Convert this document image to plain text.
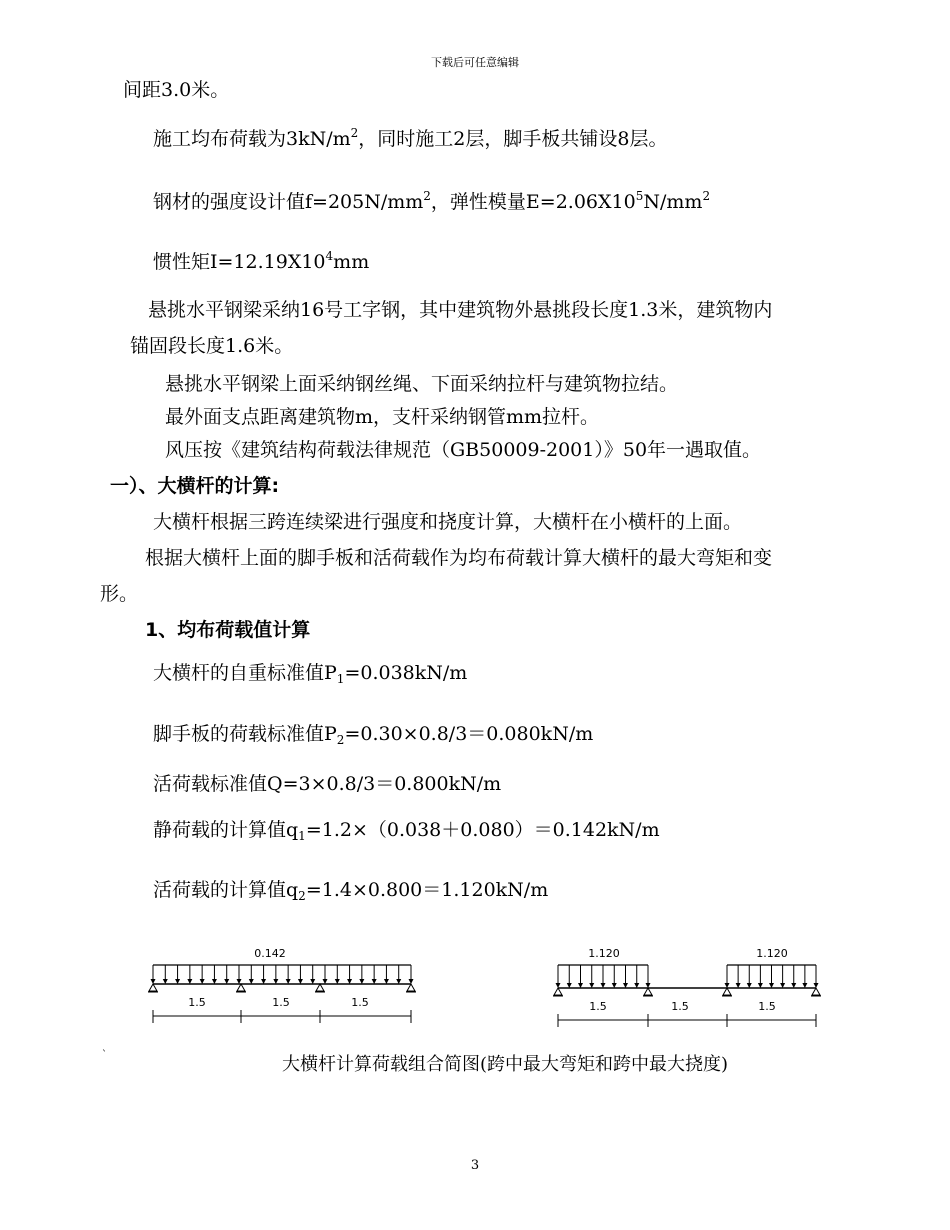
下载后可任意编辑
间距3.0米。
施工均布荷载为$3kN/m^2$，同时施工2层，脚手板共铺设8层。
钢材的强度设计值$f=205N/mm^2$，弹性模量$E=2.06X10^5N/mm^2$
惯性矩$I=12.19X10^4mm$
悬挑水平钢梁采纳16号工字钢，其中建筑物外悬挑段长度1.3米，建筑物内
锚固段长度1.6米。
悬挑水平钢梁上面采纳钢丝绳、下面采纳拉杆与建筑物拉结。
最外面支点距离建筑物m，支杆采纳钢管mm拉杆。
风压按《建筑结构荷载法律规范（GB50009-2001）》50年一遇取值。
一）、大横杆的计算:
大横杆根据三跨连续梁进行强度和挠度计算，大横杆在小横杆的上面。
根据大横杆上面的脚手板和活荷载作为均布荷载计算大横杆的最大弯矩和变
形。
1、均布荷载值计算
大横杆的自重标准值$P_1=0.038kN/m$
脚手板的荷载标准值$P_2=0.30\times 0.8/3=0.080kN/m$
活荷载标准值Q=3×0.8/3＝0.800kN/m
静荷载的计算值$q_1=1.2\times(0.038+0.080)=0.142kN/m$
活荷载的计算值$q_2=1.4\times 0.800=1.120kN/m$
0.142
1.5	1.5	1.5
1.120	1.120
1.5	1.5	1.5
`	大横杆计算荷载组合简图(跨中最大弯矩和跨中最大挠度)
3
